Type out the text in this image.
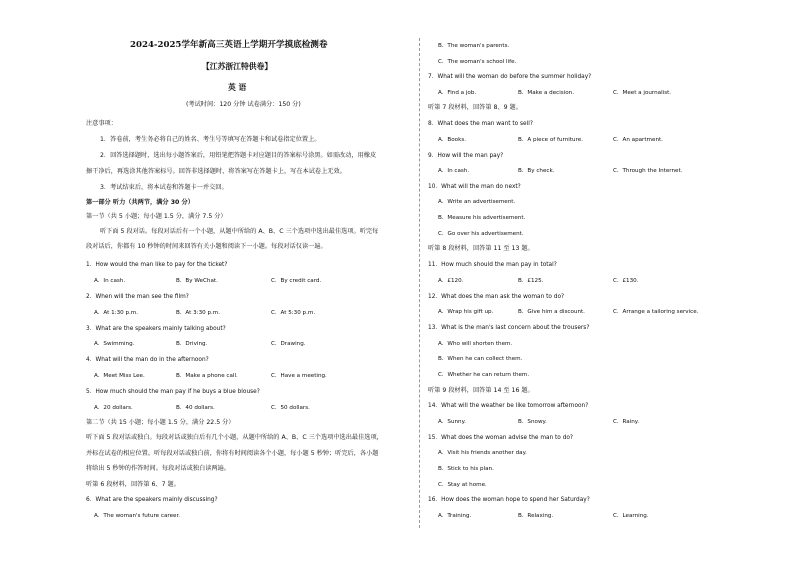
2024-2025学年新高三英语上学期开学摸底检测卷
【江苏浙江特供卷】
英 语
(考试时间：120 分钟 试卷满分：150 分)
注意事项：
1．答卷前，考生务必将自己的姓名、考生号等填写在答题卡和试卷指定位置上。
2．回答选择题时，选出每小题答案后，用铅笔把答题卡对应题目的答案标号涂黑。如需改动，用橡皮
擦干净后，再选涂其他答案标号。回答非选择题时，将答案写在答题卡上，写在本试卷上无效。
3．考试结束后，将本试卷和答题卡一并交回。
第一部分 听力（共两节，满分 30 分）
第一节（共 5 小题；每小题 1.5 分，满分 7.5 分）
听下面 5 段对话。每段对话后有一个小题，从题中所给的 A、B、C 三个选项中选出最佳选项。听完每
段对话后，你都有 10 秒钟的时间来回答有关小题和阅读下一小题。每段对话仅读一遍。
1．How would the man like to pay for the ticket?
A．In cash.	B．By WeChat.	C．By credit card.
2．When will the man see the film?
A．At 1:30 p.m.	B．At 3:30 p.m.	C．At 5:30 p.m.
3．What are the speakers mainly talking about?
A．Swimming.	B．Driving.	C．Drawing.
4．What will the man do in the afternoon?
A．Meet Miss Lee.	B．Make a phone call.	C．Have a meeting.
5．How much should the man pay if he buys a blue blouse?
A．20 dollars.	B．40 dollars.	C．50 dollars.
第二节（共 15 小题；每小题 1.5 分，满分 22.5 分）
听下面 5 段对话或独白。每段对话或独白后有几个小题，从题中所给的 A、B、C 三个选项中选出最佳选项，
并标在试卷的相应位置。听每段对话或独白前，你将有时间阅读各个小题，每小题 5 秒钟；听完后，各小题
将给出 5 秒钟的作答时间。每段对话或独白读两遍。
听第 6 段材料，回答第 6、7 题。
6．What are the speakers mainly discussing?
A．The woman's future career.
B．The woman's parents.
C．The woman's school life.
7．What will the woman do before the summer holiday?
A．Find a job.	B．Make a decision.	C．Meet a journalist.
听第 7 段材料，回答第 8、9 题。
8．What does the man want to sell?
A．Books.	B．A piece of furniture.	C．An apartment.
9．How will the man pay?
A．In cash.	B．By check.	C．Through the Internet.
10．What will the man do next?
A．Write an advertisement.
B．Measure his advertisement.
C．Go over his advertisement.
听第 8 段材料，回答第 11 至 13 题。
11．How much should the man pay in total?
A．£120.	B．£125.	C．£130.
12．What does the man ask the woman to do?
A．Wrap his gift up.	B．Give him a discount.	C．Arrange a tailoring service.
13．What is the man's last concern about the trousers?
A．Who will shorten them.
B．When he can collect them.
C．Whether he can return them.
听第 9 段材料，回答第 14 至 16 题。
14．What will the weather be like tomorrow afternoon?
A．Sunny.	B．Snowy.	C．Rainy.
15．What does the woman advise the man to do?
A．Visit his friends another day.
B．Stick to his plan.
C．Stay at home.
16．How does the woman hope to spend her Saturday?
A．Training.	B．Relaxing.	C．Learning.
